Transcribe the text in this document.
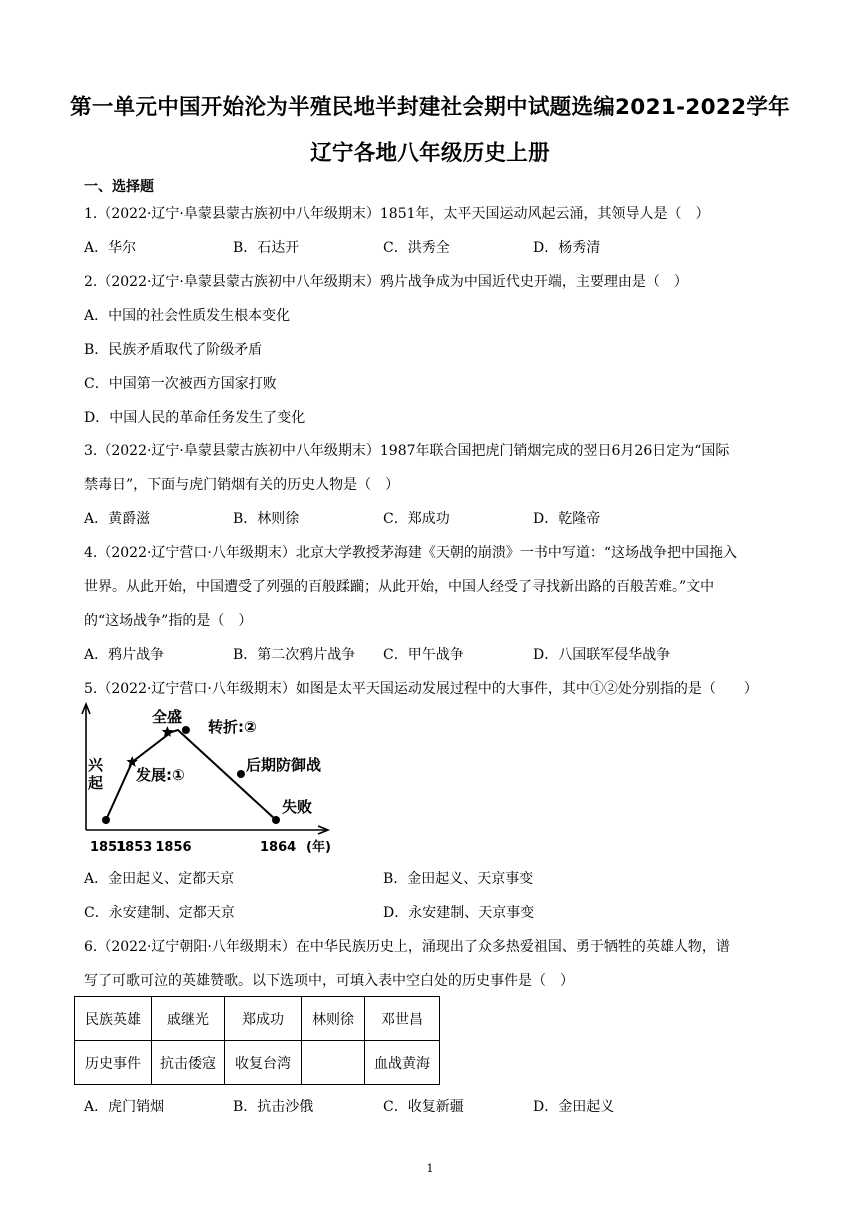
第一单元中国开始沦为半殖民地半封建社会期中试题选编2021-2022学年
辽宁各地八年级历史上册
一、选择题
1.（2022·辽宁·阜蒙县蒙古族初中八年级期末）1851年，太平天国运动风起云涌，其领导人是（　）
A．华尔	B．石达开	C．洪秀全	D．杨秀清
2.（2022·辽宁·阜蒙县蒙古族初中八年级期末）鸦片战争成为中国近代史开端，主要理由是（　）
A．中国的社会性质发生根本变化
B．民族矛盾取代了阶级矛盾
C．中国第一次被西方国家打败
D．中国人民的革命任务发生了变化
3.（2022·辽宁·阜蒙县蒙古族初中八年级期末）1987年联合国把虎门销烟完成的翌日6月26日定为“国际
禁毒日”，下面与虎门销烟有关的历史人物是（　）
A．黄爵滋	B．林则徐	C．郑成功	D．乾隆帝
4.（2022·辽宁营口·八年级期末）北京大学教授茅海建《天朝的崩溃》一书中写道：“这场战争把中国拖入
世界。从此开始，中国遭受了列强的百般蹂躏；从此开始，中国人经受了寻找新出路的百般苦难。”文中
的“这场战争”指的是（　）
A．鸦片战争	B．第二次鸦片战争 C．甲午战争	D．八国联军侵华战争
5.（2022·辽宁营口·八年级期末）如图是太平天国运动发展过程中的大事件，其中①②处分别指的是（　　）
1851
1853 1856	1864 (年)
兴
起 发展:①
全盛
转折:②
后期防御战
失败
A．金田起义、定都天京	B．金田起义、天京事变
C．永安建制、定都天京	D．永安建制、天京事变
6.（2022·辽宁朝阳·八年级期末）在中华民族历史上，涌现出了众多热爱祖国、勇于牺牲的英雄人物，谱
写了可歌可泣的英雄赞歌。以下选项中，可填入表中空白处的历史事件是（　）
民族英雄	戚继光	郑成功	林则徐	邓世昌
历史事件	抗击倭寇	收复台湾		血战黄海
A．虎门销烟	B．抗击沙俄	C．收复新疆	D．金田起义
1
